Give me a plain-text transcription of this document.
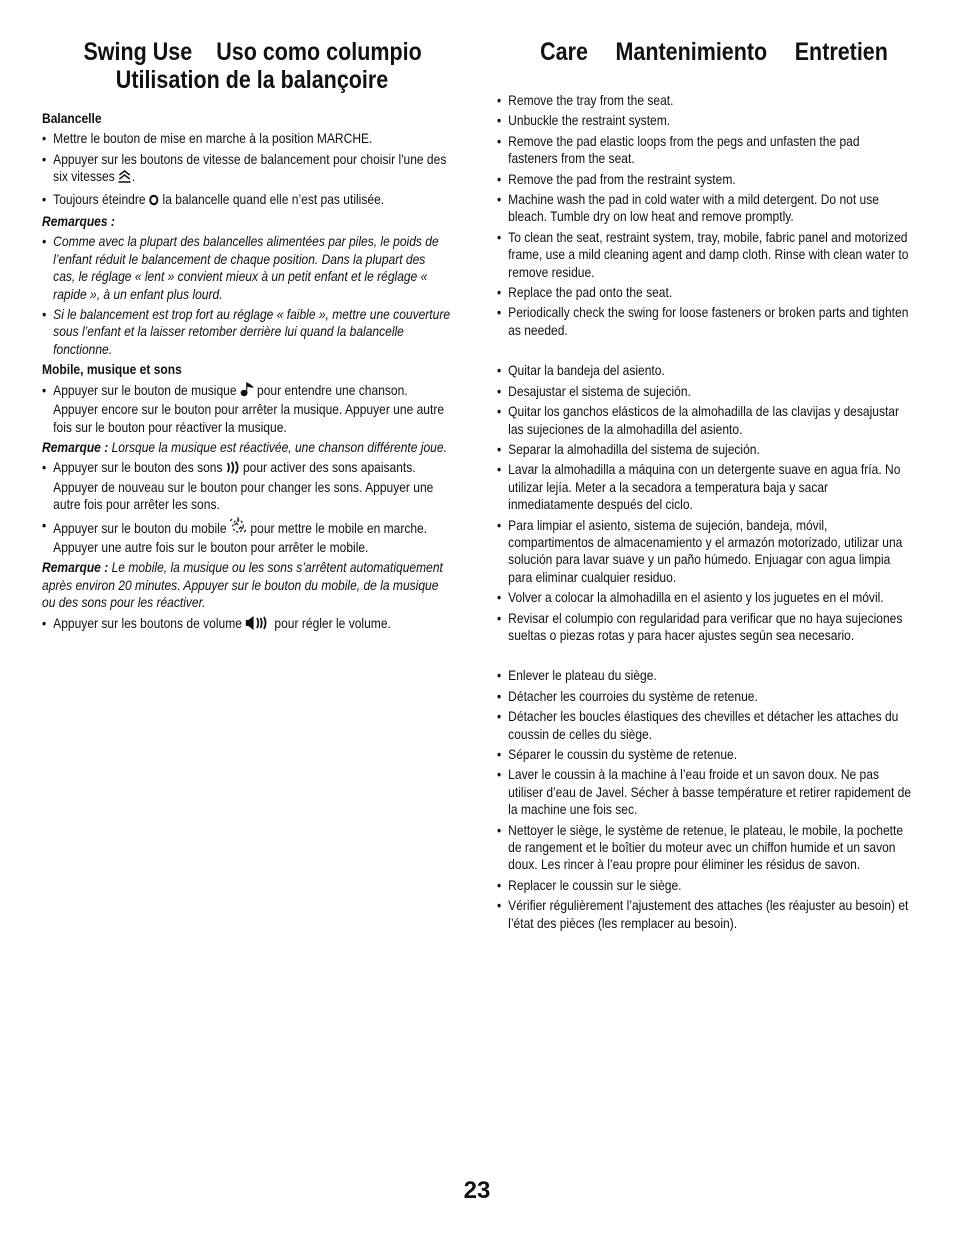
Swing Use Uso como columpio
Utilisation de la balançoire

Balancelle

• Mettre le bouton de mise en marche à la position MARCHE.
• Appuyer sur les boutons de vitesse de balancement pour choisir l'une des six vitesses .
• Toujours éteindre la balancelle quand elle n’est pas utilisée.

Remarques :

• Comme avec la plupart des balancelles alimentées par piles, le poids de l’enfant réduit le balancement de chaque position. Dans la plupart des cas, le réglage « lent » convient mieux à un petit enfant et le réglage « rapide », à un enfant plus lourd.
• Si le balancement est trop fort au réglage « faible », mettre une couverture sous l’enfant et la laisser retomber derrière lui quand la balancelle fonctionne.

Mobile, musique et sons

• Appuyer sur le bouton de musique pour entendre une chanson. Appuyer encore sur le bouton pour arrêter la musique. Appuyer une autre fois sur le bouton pour réactiver la musique.

Remarque : Lorsque la musique est réactivée, une chanson différente joue.

• Appuyer sur le bouton des sons pour activer des sons apaisants. Appuyer de nouveau sur le bouton pour changer les sons. Appuyer une autre fois pour arrêter les sons.
• Appuyer sur le bouton du mobile pour mettre le mobile en marche. Appuyer une autre fois sur le bouton pour arrêter le mobile.

Remarque : Le mobile, la musique ou les sons s’arrêtent automatiquement après environ 20 minutes. Appuyer sur le bouton du mobile, de la musique ou des sons pour les réactiver.

• Appuyer sur les boutons de volume pour régler le volume.
Care Mantenimiento Entretien
• Remove the tray from the seat.
• Unbuckle the restraint system.
• Remove the pad elastic loops from the pegs and unfasten the pad fasteners from the seat.
• Remove the pad from the restraint system.
• Machine wash the pad in cold water with a mild detergent. Do not use bleach. Tumble dry on low heat and remove promptly.
• To clean the seat, restraint system, tray, mobile, fabric panel and motorized frame, use a mild cleaning agent and damp cloth. Rinse with clean water to remove residue.
• Replace the pad onto the seat.
• Periodically check the swing for loose fasteners or broken parts and tighten as needed.
• Quitar la bandeja del asiento.
• Desajustar el sistema de sujeción.
• Quitar los ganchos elásticos de la almohadilla de las clavijas y desajustar las sujeciones de la almohadilla del asiento.
• Separar la almohadilla del sistema de sujeción.
• Lavar la almohadilla a máquina con un detergente suave en agua fría. No utilizar lejía. Meter a la secadora a temperatura baja y sacar inmediatamente después del ciclo.
• Para limpiar el asiento, sistema de sujeción, bandeja, móvil, compartimentos de almacenamiento y el armazón motorizado, utilizar una solución para lavar suave y un paño húmedo. Enjuagar con agua limpia para eliminar cualquier residuo.
• Volver a colocar la almohadilla en el asiento y los juguetes en el móvil.
• Revisar el columpio con regularidad para verificar que no haya sujeciones sueltas o piezas rotas y para hacer ajustes según sea necesario.
• Enlever le plateau du siège.
• Détacher les courroies du système de retenue.
• Détacher les boucles élastiques des chevilles et détacher les attaches du coussin de celles du siège.
• Séparer le coussin du système de retenue.
• Laver le coussin à la machine à l’eau froide et un savon doux. Ne pas utiliser d’eau de Javel. Sécher à basse température et retirer rapidement de la machine une fois sec.
• Nettoyer le siège, le système de retenue, le plateau, le mobile, la pochette de rangement et le boîtier du moteur avec un chiffon humide et un savon doux. Les rincer à l’eau propre pour éliminer les résidus de savon.
• Replacer le coussin sur le siège.
• Vérifier régulièrement l’ajustement des attaches (les réajuster au besoin) et l’état des pièces (les remplacer au besoin).
23
